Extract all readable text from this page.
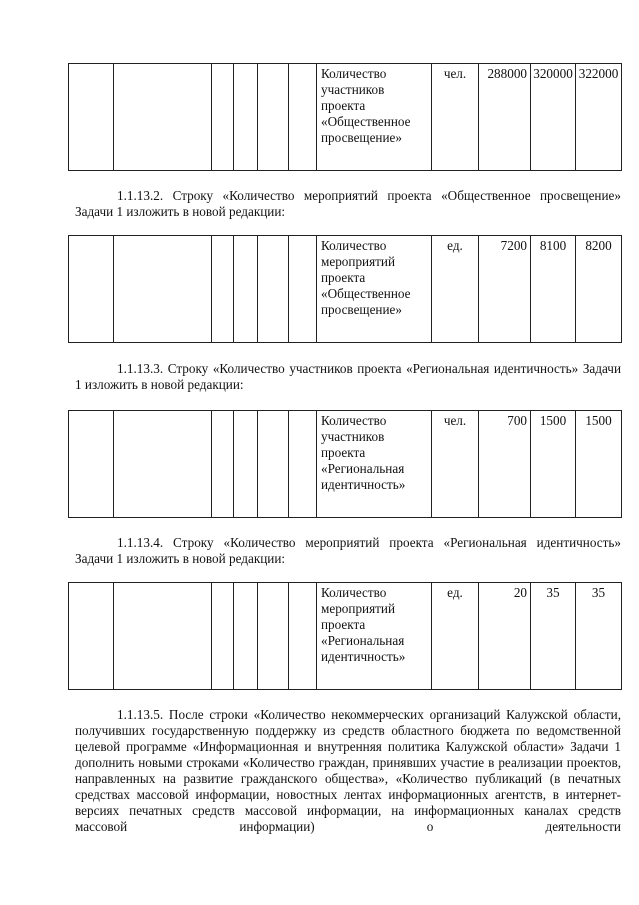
						Количество участников проекта «Общественное просвещение»	чел.	288000	320000	322000

1.1.13.2. Строку «Количество мероприятий проекта «Общественное просвещение» Задачи 1 изложить в новой редакции:

						Количество мероприятий проекта «Общественное просвещение»	ед.	7200	8100	8200

1.1.13.3. Строку «Количество участников проекта «Региональная идентичность» Задачи 1 изложить в новой редакции:

						Количество участников проекта «Региональная идентичность»	чел.	700	1500	1500

1.1.13.4. Строку «Количество мероприятий проекта «Региональная идентичность» Задачи 1 изложить в новой редакции:

						Количество мероприятий проекта «Региональная идентичность»	ед.	20	35	35

1.1.13.5. После строки «Количество некоммерческих организаций Калужской области, получивших государственную поддержку из средств областного бюджета по ведомственной целевой программе «Информационная и внутренняя политика Калужской области» Задачи 1 дополнить новыми строками «Количество граждан, принявших участие в реализации проектов, направленных на развитие гражданского общества», «Количество публикаций (в печатных средствах массовой информации, новостных лентах информационных агентств, в интернет-версиях печатных средств массовой информации, на информационных каналах средств массовой информации) о деятельности
